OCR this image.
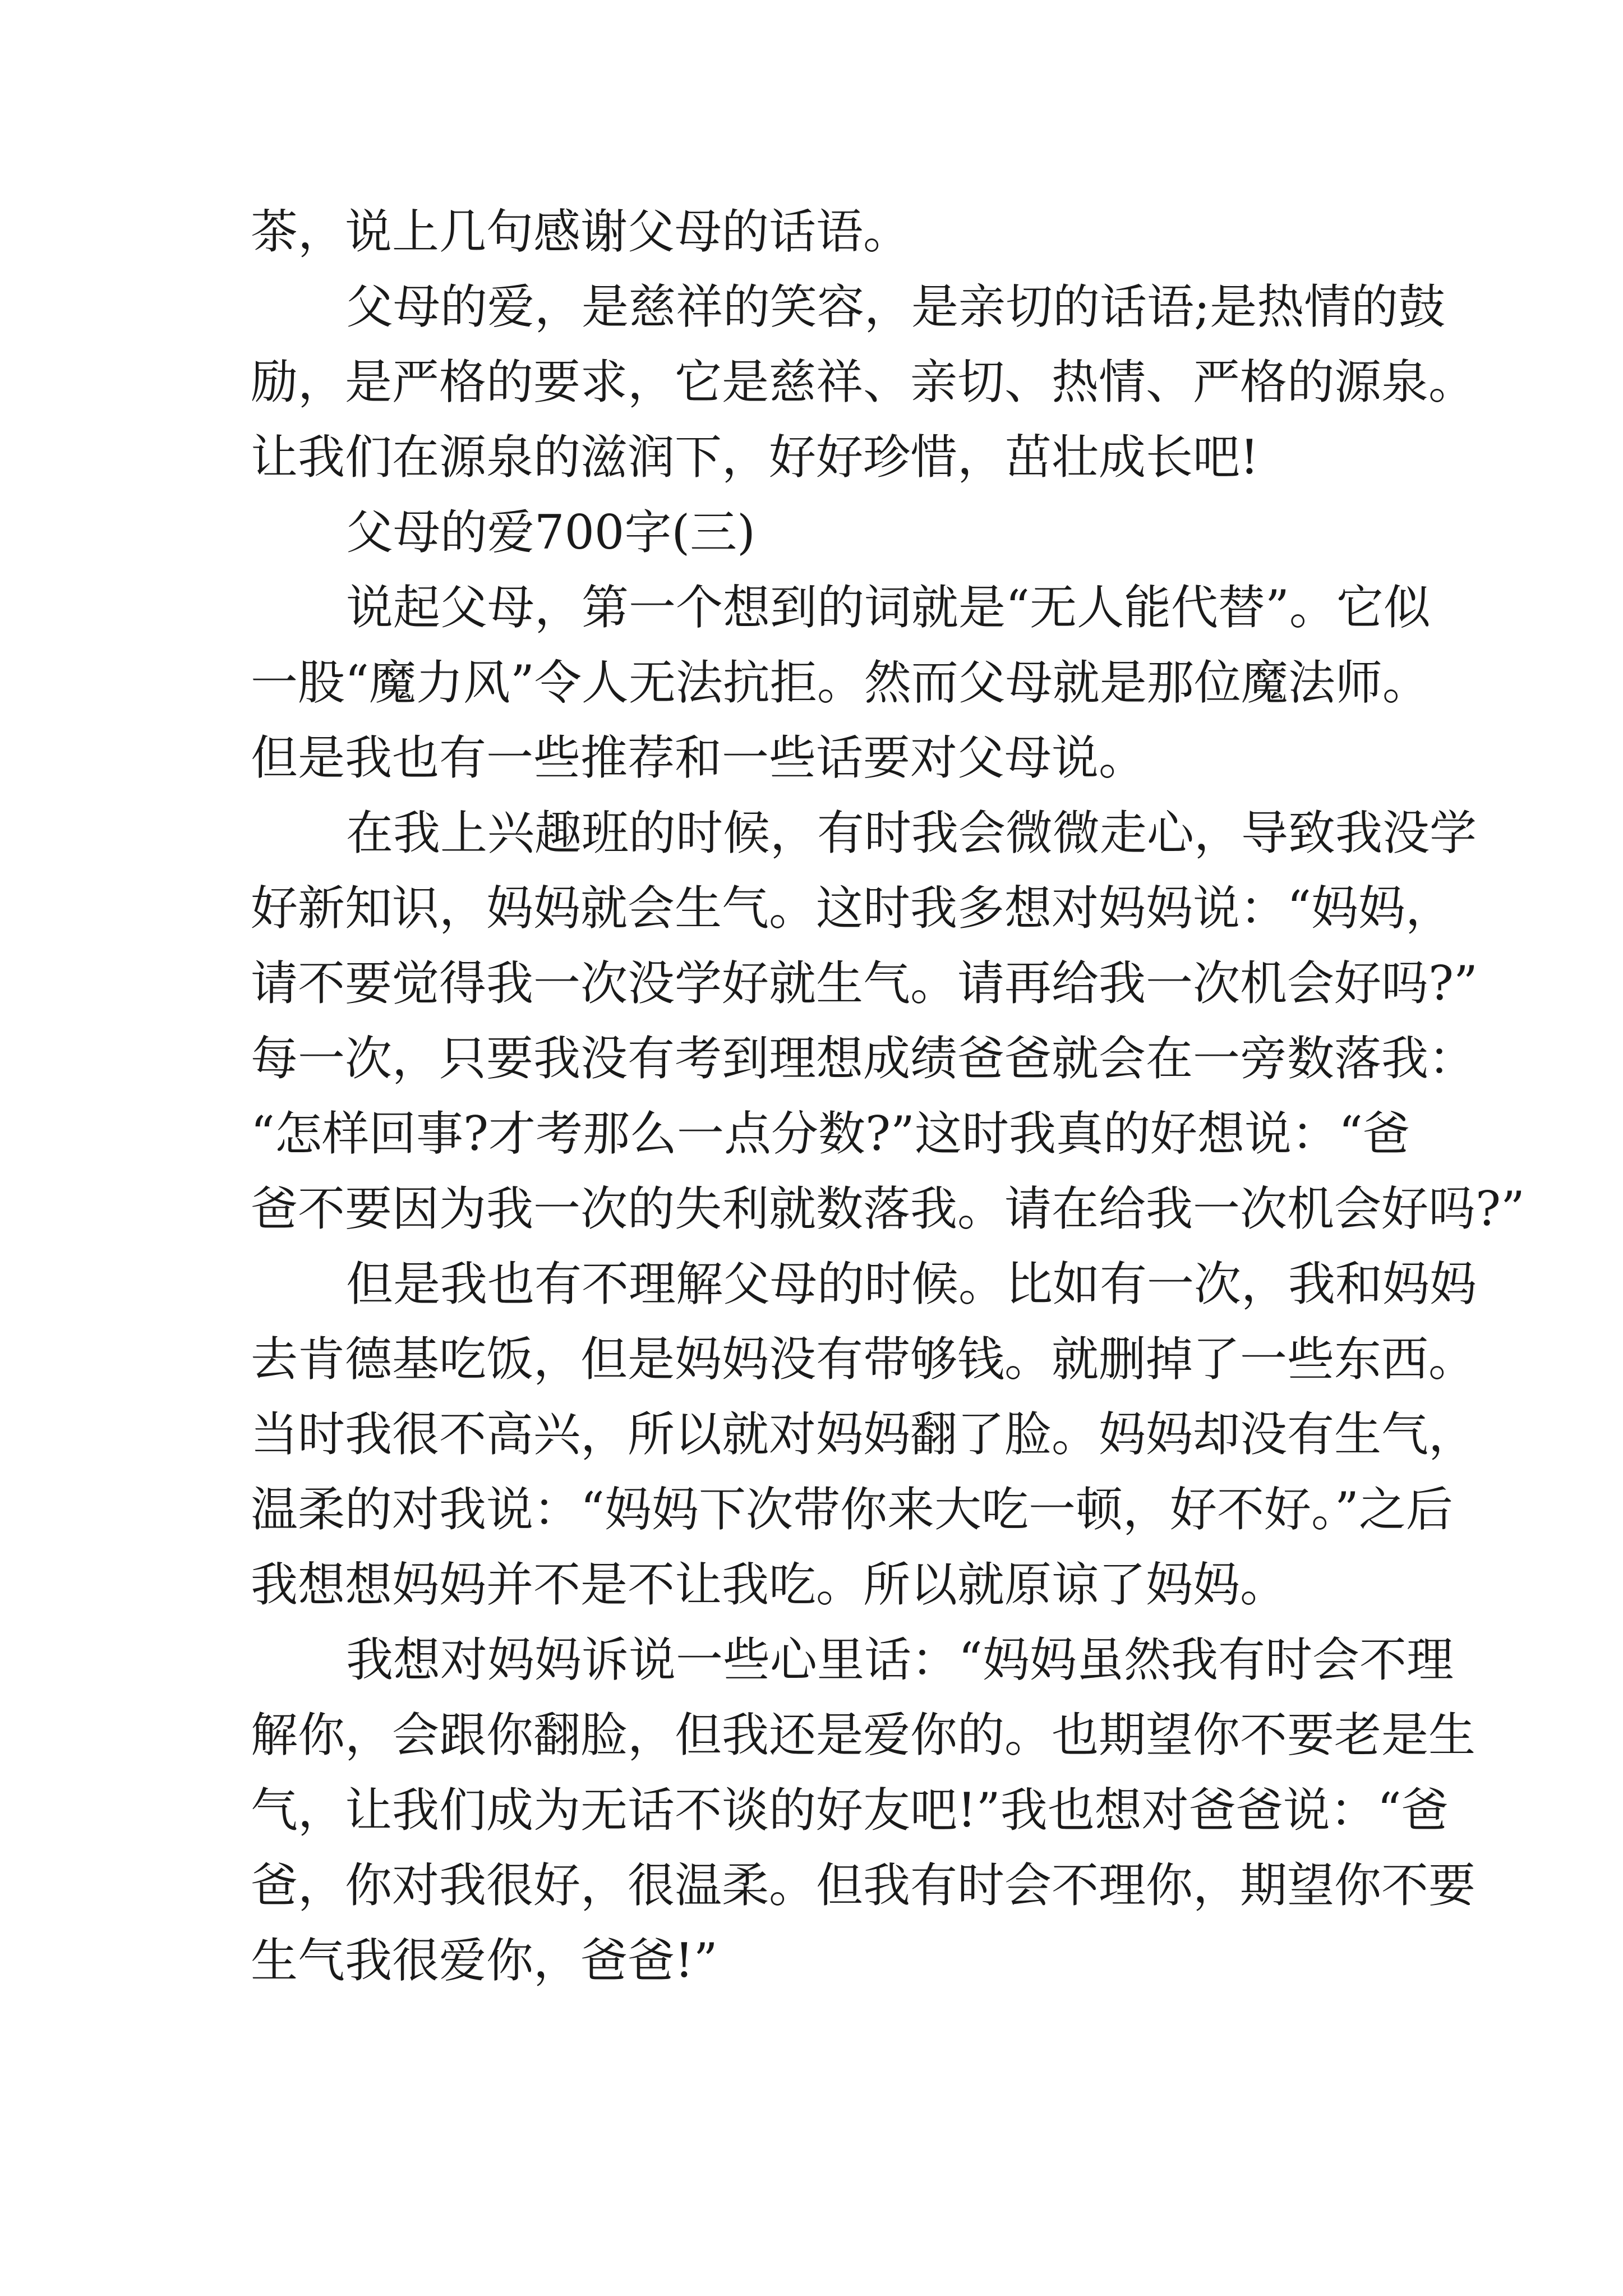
茶，说上几句感谢父母的话语。
父母的爱，是慈祥的笑容，是亲切的话语;是热情的鼓
励，是严格的要求，它是慈祥、亲切、热情、严格的源泉。
让我们在源泉的滋润下，好好珍惜，茁壮成长吧!
父母的爱700字(三)
说起父母，第一个想到的词就是“无人能代替”。它似
一股“魔力风”令人无法抗拒。然而父母就是那位魔法师。
但是我也有一些推荐和一些话要对父母说。
在我上兴趣班的时候，有时我会微微走心，导致我没学
好新知识，妈妈就会生气。这时我多想对妈妈说：“妈妈，
请不要觉得我一次没学好就生气。请再给我一次机会好吗?”
每一次，只要我没有考到理想成绩爸爸就会在一旁数落我：
“怎样回事?才考那么一点分数?”这时我真的好想说：“爸
爸不要因为我一次的失利就数落我。请在给我一次机会好吗?”
但是我也有不理解父母的时候。比如有一次，我和妈妈
去肯德基吃饭，但是妈妈没有带够钱。就删掉了一些东西。
当时我很不高兴，所以就对妈妈翻了脸。妈妈却没有生气，
温柔的对我说：“妈妈下次带你来大吃一顿，好不好。”之后
我想想妈妈并不是不让我吃。所以就原谅了妈妈。
我想对妈妈诉说一些心里话：“妈妈虽然我有时会不理
解你，会跟你翻脸，但我还是爱你的。也期望你不要老是生
气，让我们成为无话不谈的好友吧!”我也想对爸爸说：“爸
爸，你对我很好，很温柔。但我有时会不理你，期望你不要
生气我很爱你，爸爸!”
